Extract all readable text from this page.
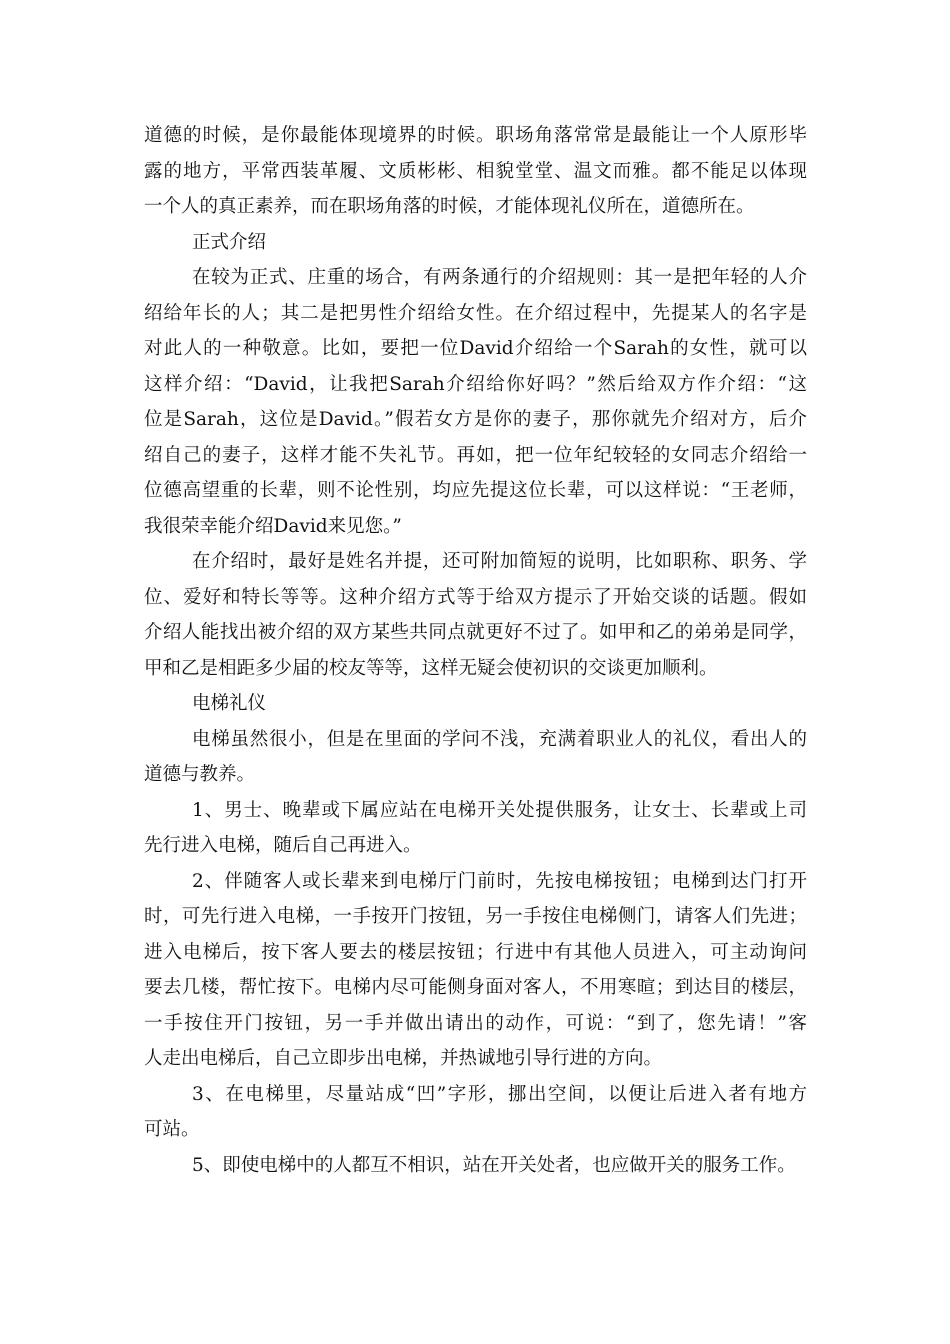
道德的时候，是你最能体现境界的时候。职场角落常常是最能让一个人原形毕
露的地方，平常西装革履、文质彬彬、相貌堂堂、温文而雅。都不能足以体现
一个人的真正素养，而在职场角落的时候，才能体现礼仪所在，道德所在。
正式介绍
在较为正式、庄重的场合，有两条通行的介绍规则：其一是把年轻的人介
绍给年长的人；其二是把男性介绍给女性。在介绍过程中，先提某人的名字是
对此人的一种敬意。比如，要把一位David介绍给一个Sarah的女性，就可以
这样介绍：“David，让我把Sarah介绍给你好吗？”然后给双方作介绍：“这
位是Sarah，这位是David。”假若女方是你的妻子，那你就先介绍对方，后介
绍自己的妻子，这样才能不失礼节。再如，把一位年纪较轻的女同志介绍给一
位德高望重的长辈，则不论性别，均应先提这位长辈，可以这样说：“王老师，
我很荣幸能介绍David来见您。”
在介绍时，最好是姓名并提，还可附加简短的说明，比如职称、职务、学
位、爱好和特长等等。这种介绍方式等于给双方提示了开始交谈的话题。假如
介绍人能找出被介绍的双方某些共同点就更好不过了。如甲和乙的弟弟是同学，
甲和乙是相距多少届的校友等等，这样无疑会使初识的交谈更加顺利。
电梯礼仪
电梯虽然很小，但是在里面的学问不浅，充满着职业人的礼仪，看出人的
道德与教养。
1、男士、晚辈或下属应站在电梯开关处提供服务，让女士、长辈或上司
先行进入电梯，随后自己再进入。
2、伴随客人或长辈来到电梯厅门前时，先按电梯按钮；电梯到达门打开
时，可先行进入电梯，一手按开门按钮，另一手按住电梯侧门，请客人们先进；
进入电梯后，按下客人要去的楼层按钮；行进中有其他人员进入，可主动询问
要去几楼，帮忙按下。电梯内尽可能侧身面对客人，不用寒暄；到达目的楼层，
一手按住开门按钮，另一手并做出请出的动作，可说：“到了，您先请！”客
人走出电梯后，自己立即步出电梯，并热诚地引导行进的方向。
3、在电梯里，尽量站成“凹”字形，挪出空间，以便让后进入者有地方
可站。
5、即使电梯中的人都互不相识，站在开关处者，也应做开关的服务工作。
